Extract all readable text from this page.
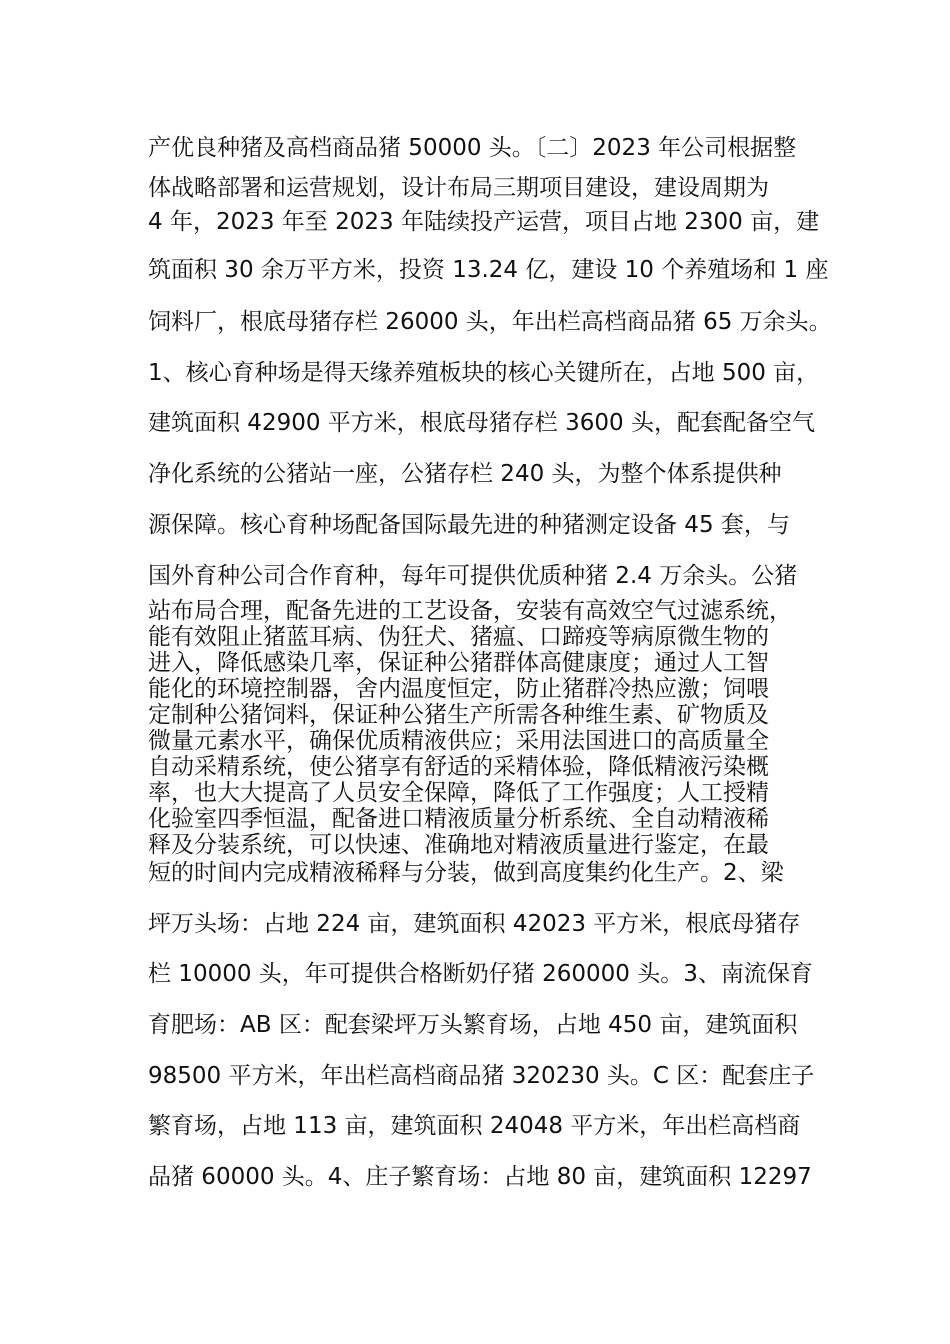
产优良种猪及高档商品猪 50000 头。〔二〕2023 年公司根据整
体战略部署和运营规划，设计布局三期项目建设，建设周期为
4 年，2023 年至 2023 年陆续投产运营，项目占地 2300 亩，建
筑面积 30 余万平方米，投资 13.24 亿，建设 10 个养殖场和 1 座
饲料厂，根底母猪存栏 26000 头，年出栏高档商品猪 65 万余头。
1、核心育种场是得天缘养殖板块的核心关键所在，占地 500 亩，
建筑面积 42900 平方米，根底母猪存栏 3600 头，配套配备空气
净化系统的公猪站一座，公猪存栏 240 头，为整个体系提供种
源保障。核心育种场配备国际最先进的种猪测定设备 45 套，与
国外育种公司合作育种，每年可提供优质种猪 2.4 万余头。公猪
站布局合理，配备先进的工艺设备，安装有高效空气过滤系统，
能有效阻止猪蓝耳病、伪狂犬、猪瘟、口蹄疫等病原微生物的
进入，降低感染几率，保证种公猪群体高健康度；通过人工智
能化的环境控制器，舍内温度恒定，防止猪群冷热应激；饲喂
定制种公猪饲料，保证种公猪生产所需各种维生素、矿物质及
微量元素水平，确保优质精液供应；采用法国进口的高质量全
自动采精系统，使公猪享有舒适的采精体验，降低精液污染概
率，也大大提高了人员安全保障，降低了工作强度；人工授精
化验室四季恒温，配备进口精液质量分析系统、全自动精液稀
释及分装系统，可以快速、准确地对精液质量进行鉴定，在最
短的时间内完成精液稀释与分装，做到高度集约化生产。2、梁
坪万头场：占地 224 亩，建筑面积 42023 平方米，根底母猪存
栏 10000 头，年可提供合格断奶仔猪 260000 头。3、南流保育
育肥场：AB 区：配套梁坪万头繁育场，占地 450 亩，建筑面积
98500 平方米，年出栏高档商品猪 320230 头。C 区：配套庄子
繁育场，占地 113 亩，建筑面积 24048 平方米，年出栏高档商
品猪 60000 头。4、庄子繁育场：占地 80 亩，建筑面积 12297
